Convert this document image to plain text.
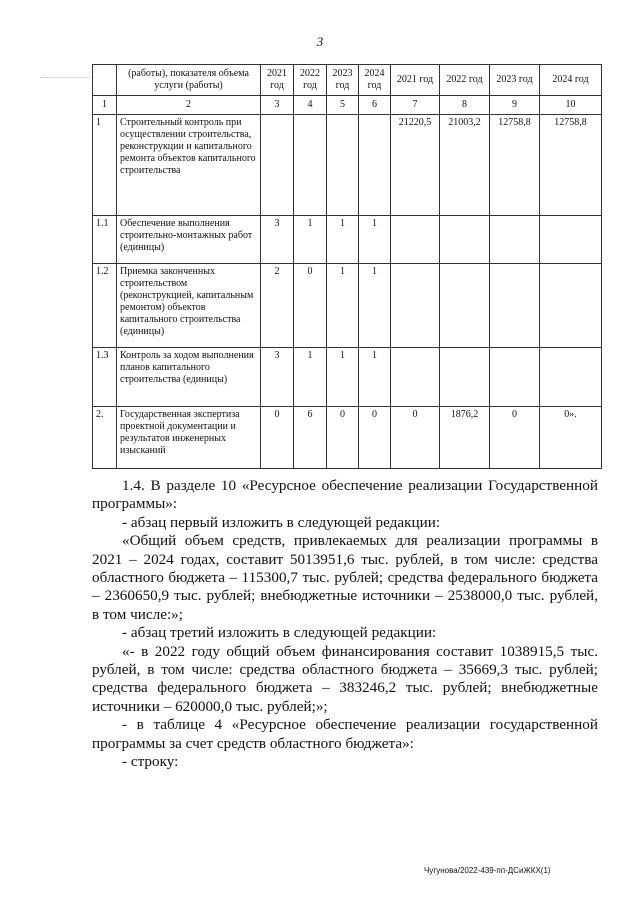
3
	(работы), показателя объема услуги (работы)	2021 год	2022 год	2023 год	2024 год	2021 год	2022 год	2023 год	2024 год
1	2	3	4	5	6	7	8	9	10
1	Строительный контроль при осуществлении строительства, реконструкции и капитального ремонта объектов капитального строительства					21220,5	21003,2	12758,8	12758,8
1.1	Обеспечение выполнения строительно-монтажных работ (единицы)	3	1	1	1				
1.2	Приемка законченных строительством (реконструкцией, капитальным ремонтом) объектов капитального строительства (единицы)	2	0	1	1				
1.3	Контроль за ходом выполнения планов капитального строительства (единицы)	3	1	1	1				
2.	Государственная экспертиза проектной документации и результатов инженерных изысканий	0	6	0	0	0	1876,2	0	0».

1.4. В разделе 10 «Ресурсное обеспечение реализации Государственной программы»:

- абзац первый изложить в следующей редакции:

«Общий объем средств, привлекаемых для реализации программы в 2021 – 2024 годах, составит 5013951,6 тыс. рублей, в том числе: средства областного бюджета – 115300,7 тыс. рублей; средства федерального бюджета – 2360650,9 тыс. рублей; внебюджетные источники – 2538000,0 тыс. рублей, в том числе:»;

- абзац третий изложить в следующей редакции:

«- в 2022 году общий объем финансирования составит 1038915,5 тыс. рублей, в том числе: средства областного бюджета – 35669,3 тыс. рублей; средства федерального бюджета – 383246,2 тыс. рублей; внебюджетные источники – 620000,0 тыс. рублей;»;

- в таблице 4 «Ресурсное обеспечение реализации государственной программы за счет средств областного бюджета»:

- строку:

Чугунова/2022-439-пп-ДСиЖКХ(1)
